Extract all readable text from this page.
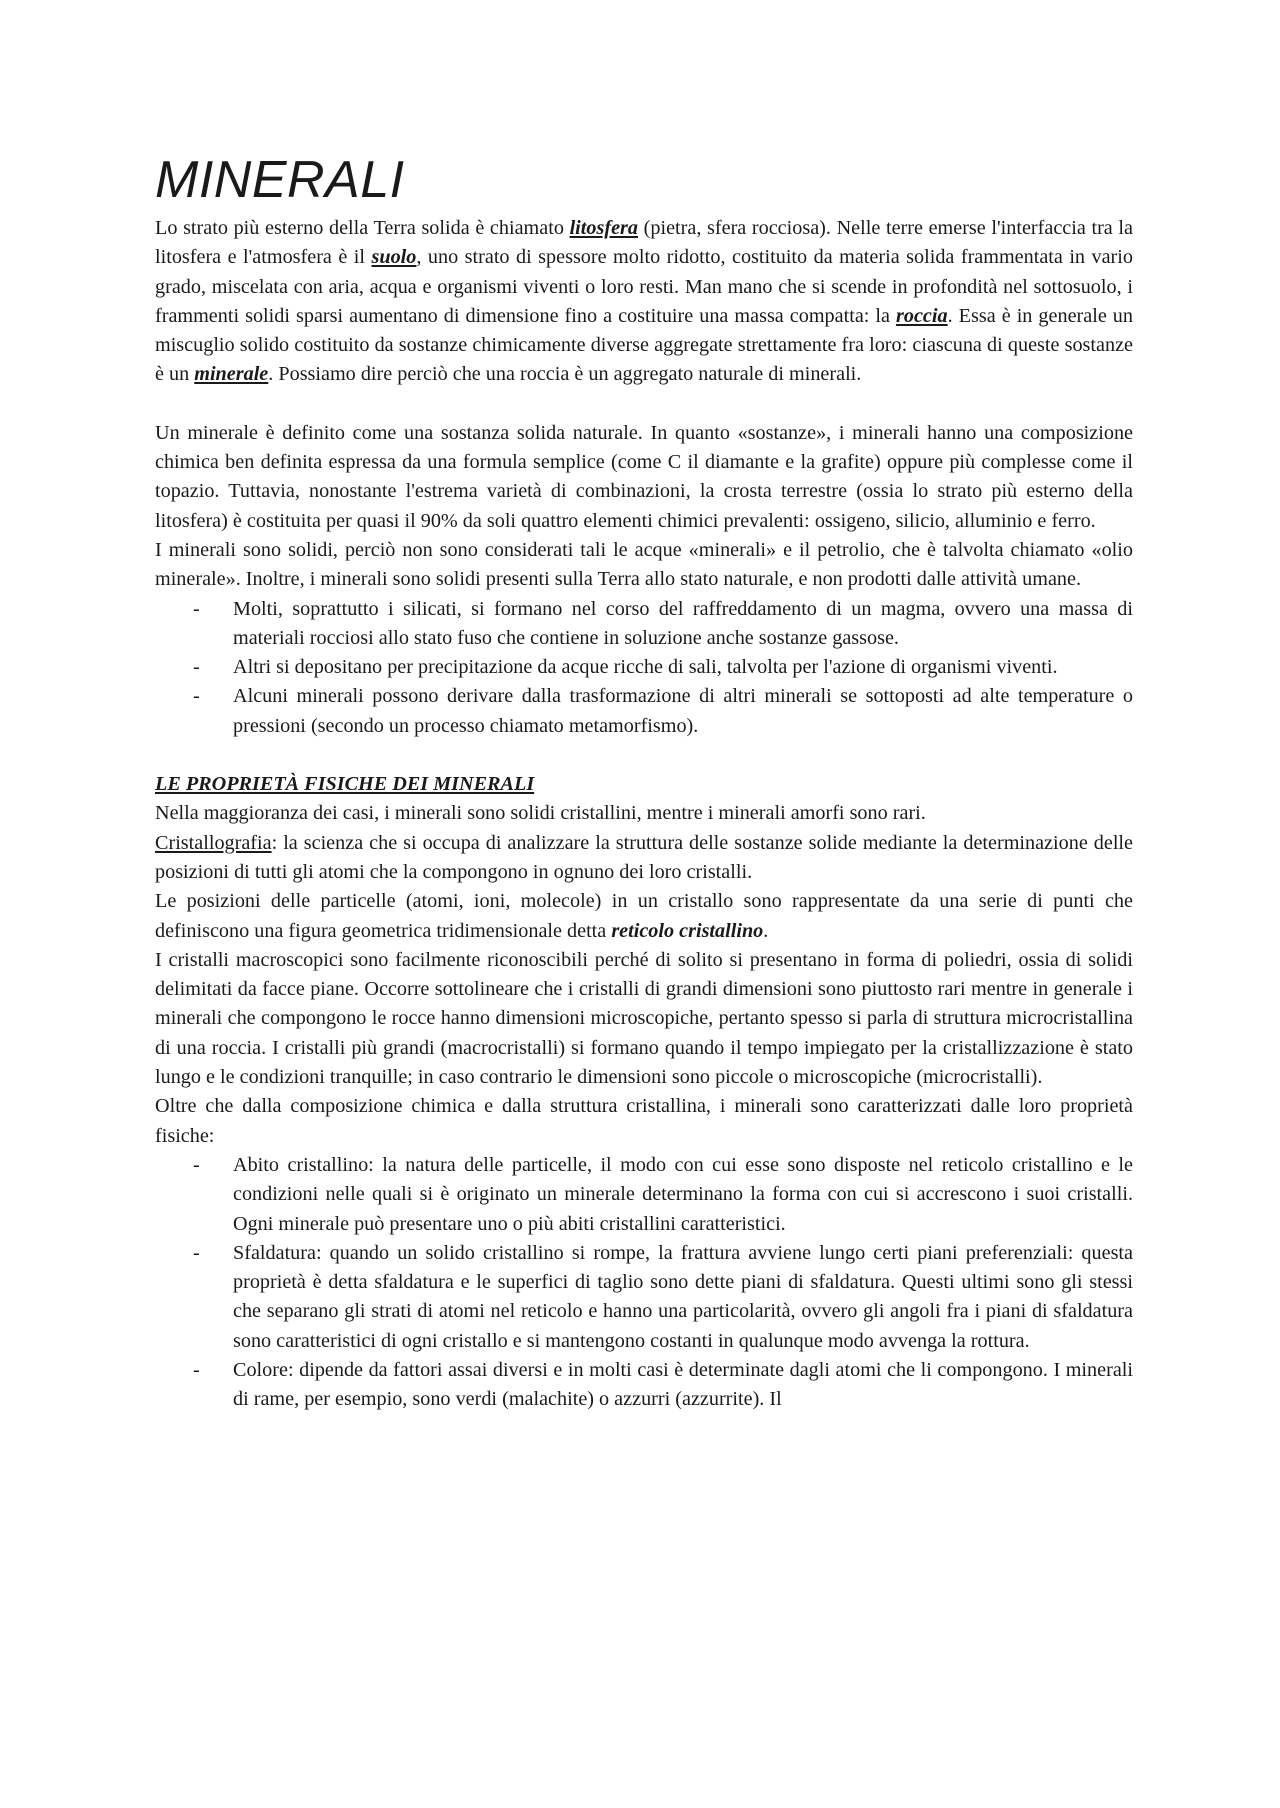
MINERALI

Lo strato più esterno della Terra solida è chiamato litosfera (pietra, sfera rocciosa). Nelle terre emerse l'interfaccia tra la litosfera e l'atmosfera è il suolo, uno strato di spessore molto ridotto, costituito da materia solida frammentata in vario grado, miscelata con aria, acqua e organismi viventi o loro resti. Man mano che si scende in profondità nel sottosuolo, i frammenti solidi sparsi aumentano di dimensione fino a costituire una massa compatta: la roccia. Essa è in generale un miscuglio solido costituito da sostanze chimicamente diverse aggregate strettamente fra loro: ciascuna di queste sostanze è un minerale. Possiamo dire perciò che una roccia è un aggregato naturale di minerali.

Un minerale è definito come una sostanza solida naturale. In quanto «sostanze», i minerali hanno una composizione chimica ben definita espressa da una formula semplice (come C il diamante e la grafite) oppure più complesse come il topazio. Tuttavia, nonostante l'estrema varietà di combinazioni, la crosta terrestre (ossia lo strato più esterno della litosfera) è costituita per quasi il 90% da soli quattro elementi chimici prevalenti: ossigeno, silicio, alluminio e ferro.

I minerali sono solidi, perciò non sono considerati tali le acque «minerali» e il petrolio, che è talvolta chiamato «olio minerale». Inoltre, i minerali sono solidi presenti sulla Terra allo stato naturale, e non prodotti dalle attività umane.

- Molti, soprattutto i silicati, si formano nel corso del raffreddamento di un magma, ovvero una massa di materiali rocciosi allo stato fuso che contiene in soluzione anche sostanze gassose.
- Altri si depositano per precipitazione da acque ricche di sali, talvolta per l'azione di organismi viventi.
- Alcuni minerali possono derivare dalla trasformazione di altri minerali se sottoposti ad alte temperature o pressioni (secondo un processo chiamato metamorfismo).

LE PROPRIETÀ FISICHE DEI MINERALI

Nella maggioranza dei casi, i minerali sono solidi cristallini, mentre i minerali amorfi sono rari.

Cristallografia: la scienza che si occupa di analizzare la struttura delle sostanze solide mediante la determinazione delle posizioni di tutti gli atomi che la compongono in ognuno dei loro cristalli.

Le posizioni delle particelle (atomi, ioni, molecole) in un cristallo sono rappresentate da una serie di punti che definiscono una figura geometrica tridimensionale detta reticolo cristallino.

I cristalli macroscopici sono facilmente riconoscibili perché di solito si presentano in forma di poliedri, ossia di solidi delimitati da facce piane. Occorre sottolineare che i cristalli di grandi dimensioni sono piuttosto rari mentre in generale i minerali che compongono le rocce hanno dimensioni microscopiche, pertanto spesso si parla di struttura microcristallina di una roccia. I cristalli più grandi (macrocristalli) si formano quando il tempo impiegato per la cristallizzazione è stato lungo e le condizioni tranquille; in caso contrario le dimensioni sono piccole o microscopiche (microcristalli).

Oltre che dalla composizione chimica e dalla struttura cristallina, i minerali sono caratterizzati dalle loro proprietà fisiche:

- Abito cristallino: la natura delle particelle, il modo con cui esse sono disposte nel reticolo cristallino e le condizioni nelle quali si è originato un minerale determinano la forma con cui si accrescono i suoi cristalli. Ogni minerale può presentare uno o più abiti cristallini caratteristici.
- Sfaldatura: quando un solido cristallino si rompe, la frattura avviene lungo certi piani preferenziali: questa proprietà è detta sfaldatura e le superfici di taglio sono dette piani di sfaldatura. Questi ultimi sono gli stessi che separano gli strati di atomi nel reticolo e hanno una particolarità, ovvero gli angoli fra i piani di sfaldatura sono caratteristici di ogni cristallo e si mantengono costanti in qualunque modo avvenga la rottura.
- Colore: dipende da fattori assai diversi e in molti casi è determinate dagli atomi che li compongono. I minerali di rame, per esempio, sono verdi (malachite) o azzurri (azzurrite). Il
